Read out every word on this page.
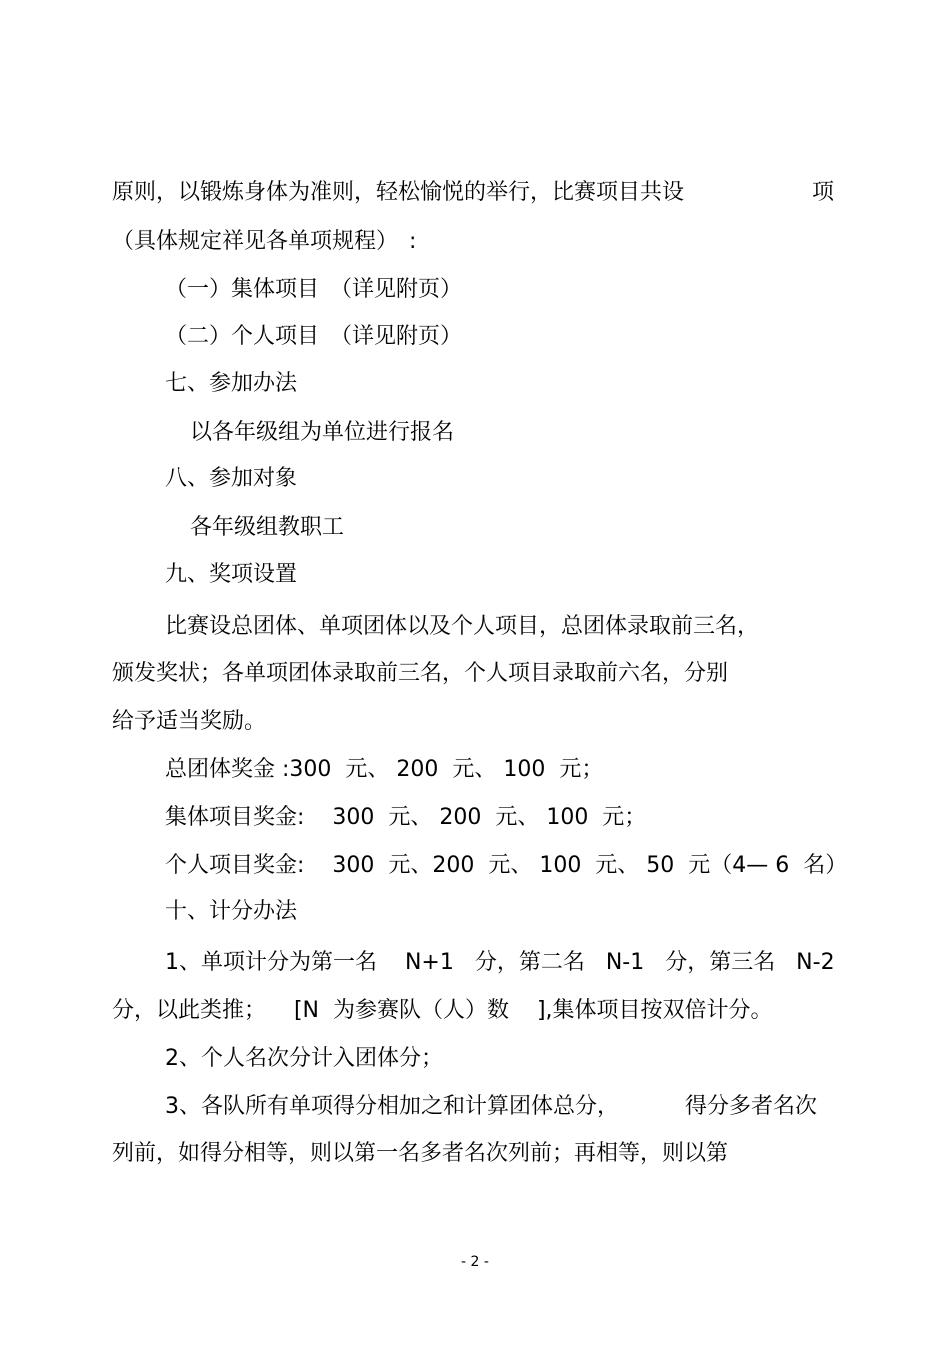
原则，以锻炼身体为准则，轻松愉悦的举行，比赛项目共设	项
（具体规定祥见各单项规程）　:
（一）集体项目　（详见附页）
（二）个人项目　（详见附页）
七、参加办法
以各年级组为单位进行报名
八、参加对象
各年级组教职工
九、奖项设置
比赛设总团体、单项团体以及个人项目，总团体录取前三名，
颁发奖状；各单项团体录取前三名，个人项目录取前六名，分别
给予适当奖励。
总团体奖金 :300  元、 200  元、 100  元；
集体项目奖金:    300  元、 200  元、 100  元；
个人项目奖金:    300  元、200  元、 100  元、 50  元（4— 6  名）
十、计分办法
1、单项计分为第一名    N+1   分，第二名   N-1   分，第三名   N-2
分，以此类推；    [N  为参赛队（人）数    ],集体项目按双倍计分。
2、个人名次分计入团体分；
3、各队所有单项得分相加之和计算团体总分，	得分多者名次
列前，如得分相等，则以第一名多者名次列前；再相等，则以第
- 2 -
